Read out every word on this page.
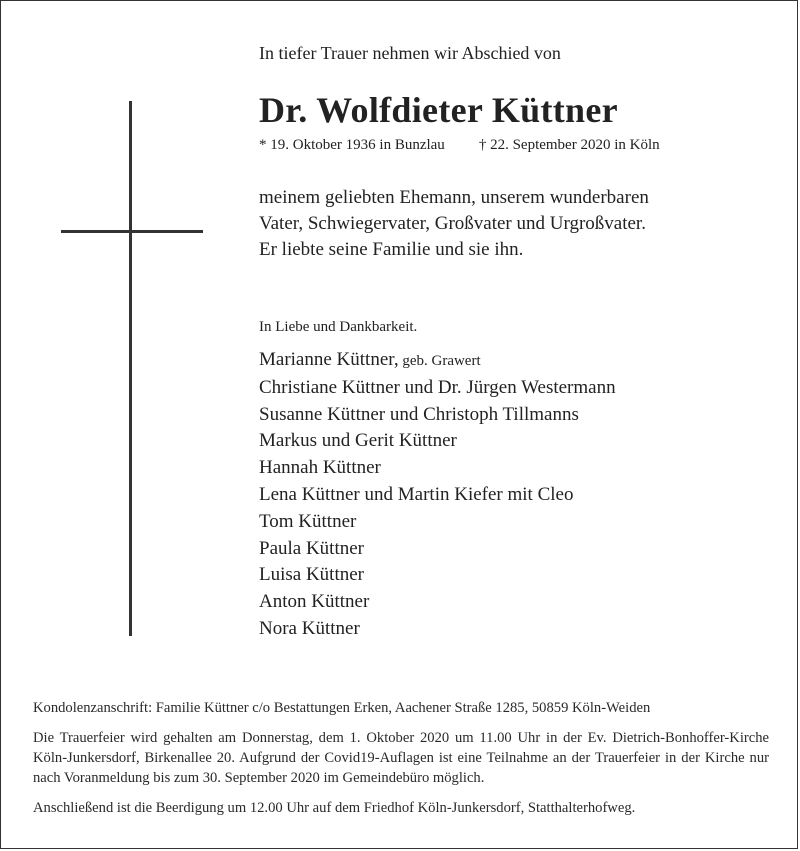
In tiefer Trauer nehmen wir Abschied von
Dr. Wolfdieter Küttner
* 19. Oktober 1936 in Bunzlau † 22. September 2020 in Köln
meinem geliebten Ehemann, unserem wunderbaren
Vater, Schwiegervater, Großvater und Urgroßvater.
Er liebte seine Familie und sie ihn.
In Liebe und Dankbarkeit.
Marianne Küttner, geb. Grawert
Christiane Küttner und Dr. Jürgen Westermann
Susanne Küttner und Christoph Tillmanns
Markus und Gerit Küttner
Hannah Küttner
Lena Küttner und Martin Kiefer mit Cleo
Tom Küttner
Paula Küttner
Luisa Küttner
Anton Küttner
Nora Küttner

Kondolenzanschrift: Familie Küttner c/o Bestattungen Erken, Aachener Straße 1285, 50859 Köln-Weiden

Die Trauerfeier wird gehalten am Donnerstag, dem 1. Oktober 2020 um 11.00 Uhr in der Ev. Dietrich-Bonhoffer-Kirche Köln-Junkersdorf, Birkenallee 20. Aufgrund der Covid19-Auflagen ist eine Teilnahme an der Trauerfeier in der Kirche nur nach Voranmeldung bis zum 30. September 2020 im Gemeindebüro möglich.

Anschließend ist die Beerdigung um 12.00 Uhr auf dem Friedhof Köln-Junkersdorf, Statthalterhofweg.
